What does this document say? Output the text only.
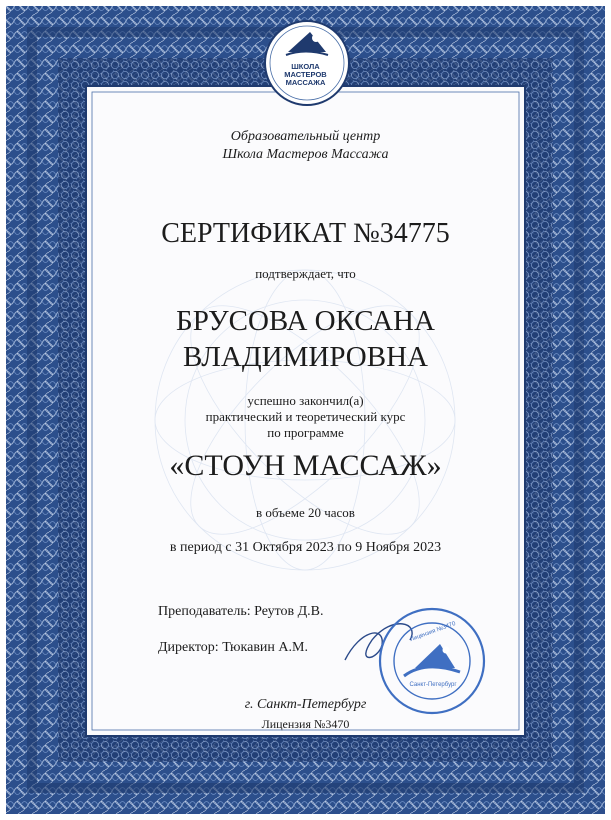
ШКОЛА
МАСТЕРОВ
МАССАЖА
Образовательный центр
Школа Мастеров Массажа
СЕРТИФИКАТ №34775
подтверждает, что
БРУСОВА ОКСАНА
ВЛАДИМИРОВНА
успешно закончил(а)
практический и теоретический курс
по программе
«СТОУН МАССАЖ»
в объеме 20 часов
в период с 31 Октября 2023 по 9 Ноября 2023
Преподаватель: Реутов Д.В.
Директор: Тюкавин А.М.
Лицензия №3470
Санкт-Петербург
г. Санкт-Петербург
Лицензия №3470
